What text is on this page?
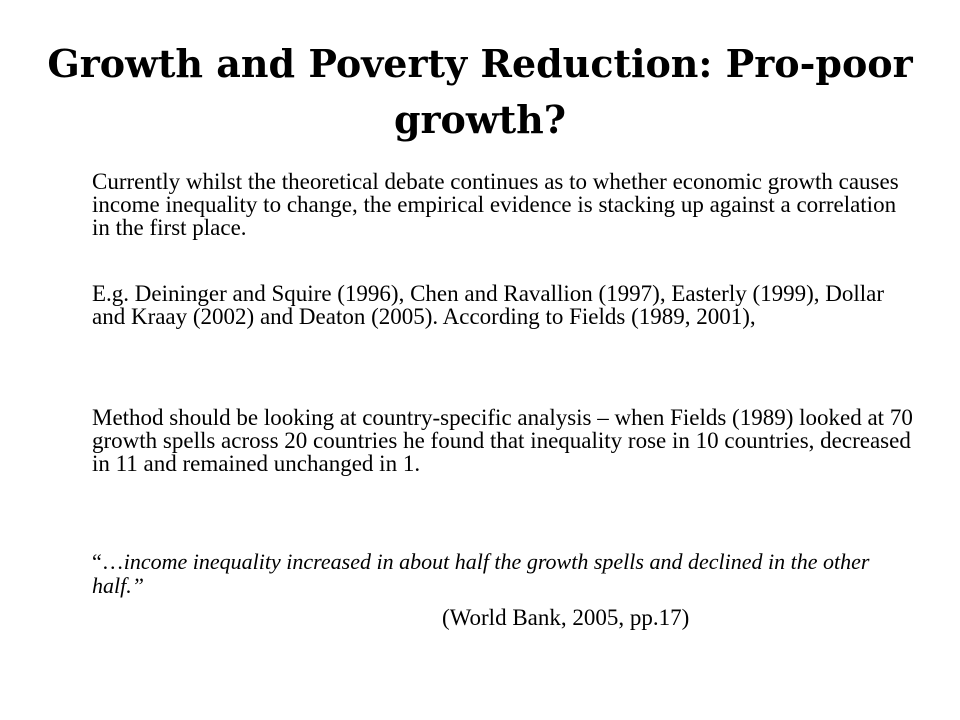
Growth and Poverty Reduction: Pro-poor growth?

Currently whilst the theoretical debate continues as to whether economic growth causes income inequality to change, the empirical evidence is stacking up against a correlation in the first place.

E.g. Deininger and Squire (1996), Chen and Ravallion (1997), Easterly (1999), Dollar and Kraay (2002) and Deaton (2005). According to Fields (1989, 2001),

Method should be looking at country-specific analysis – when Fields (1989) looked at 70 growth spells across 20 countries he found that inequality rose in 10 countries, decreased in 11 and remained unchanged in 1.

“…income inequality increased in about half the growth spells and declined in the other half.”

(World Bank, 2005, pp.17)
